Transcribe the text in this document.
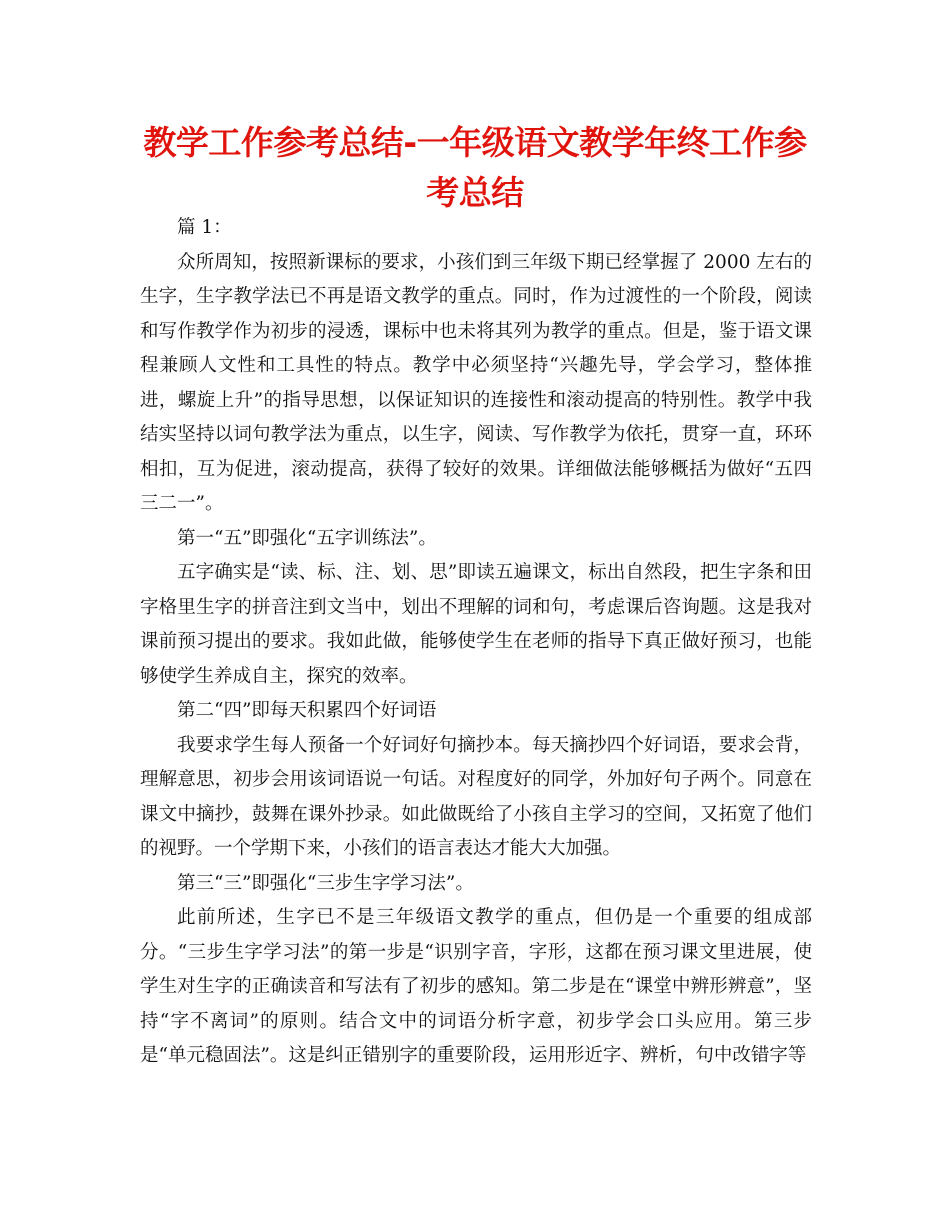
教学工作参考总结-一年级语文教学年终工作参考总结

篇 1：

众所周知，按照新课标的要求，小孩们到三年级下期已经掌握了 2000 左右的生字，生字教学法已不再是语文教学的重点。同时，作为过渡性的一个阶段，阅读和写作教学作为初步的浸透，课标中也未将其列为教学的重点。但是，鉴于语文课程兼顾人文性和工具性的特点。教学中必须坚持“兴趣先导，学会学习，整体推进，螺旋上升”的指导思想，以保证知识的连接性和滚动提高的特别性。教学中我结实坚持以词句教学法为重点，以生字，阅读、写作教学为依托，贯穿一直，环环相扣，互为促进，滚动提高，获得了较好的效果。详细做法能够概括为做好“五四三二一”。

第一“五”即强化“五字训练法”。

五字确实是“读、标、注、划、思”即读五遍课文，标出自然段，把生字条和田字格里生字的拼音注到文当中，划出不理解的词和句，考虑课后咨询题。这是我对课前预习提出的要求。我如此做，能够使学生在老师的指导下真正做好预习，也能够使学生养成自主，探究的效率。

第二“四”即每天积累四个好词语

我要求学生每人预备一个好词好句摘抄本。每天摘抄四个好词语，要求会背，理解意思，初步会用该词语说一句话。对程度好的同学，外加好句子两个。同意在课文中摘抄，鼓舞在课外抄录。如此做既给了小孩自主学习的空间，又拓宽了他们的视野。一个学期下来，小孩们的语言表达才能大大加强。

第三“三”即强化“三步生字学习法”。

此前所述，生字已不是三年级语文教学的重点，但仍是一个重要的组成部分。“三步生字学习法”的第一步是“识别字音，字形，这都在预习课文里进展，使学生对生字的正确读音和写法有了初步的感知。第二步是在“课堂中辨形辨意”，坚持“字不离词”的原则。结合文中的词语分析字意，初步学会口头应用。第三步是“单元稳固法”。这是纠正错别字的重要阶段，运用形近字、辨析，句中改错字等
